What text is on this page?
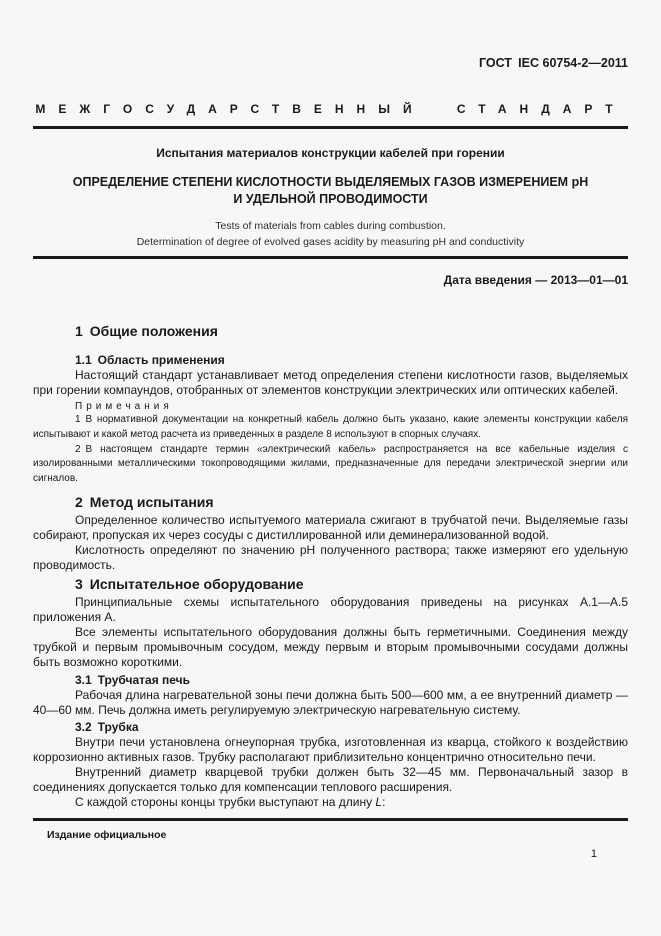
ГОСТ IEC 60754-2—2011
МЕЖГОСУДАРСТВЕННЫЙ СТАНДАРТ
Испытания материалов конструкции кабелей при горении
ОПРЕДЕЛЕНИЕ СТЕПЕНИ КИСЛОТНОСТИ ВЫДЕЛЯЕМЫХ ГАЗОВ ИЗМЕРЕНИЕМ pH
И УДЕЛЬНОЙ ПРОВОДИМОСТИ
Tests of materials from cables during combustion.
Determination of degree of evolved gases acidity by measuring pH and conductivity
Дата введения — 2013—01—01
1 Общие положения
1.1 Область применения

Настоящий стандарт устанавливает метод определения степени кислотности газов, выделяемых при горении компаундов, отобранных от элементов конструкции электрических или оптических кабелей.

Примечания

1 В нормативной документации на конкретный кабель должно быть указано, какие элементы конструкции кабеля испытывают и какой метод расчета из приведенных в разделе 8 используют в спорных случаях.

2 В настоящем стандарте термин «электрический кабель» распространяется на все кабельные изделия с изолированными металлическими токопроводящими жилами, предназначенные для передачи электрической энергии или сигналов.

2 Метод испытания

Определенное количество испытуемого материала сжигают в трубчатой печи. Выделяемые газы собирают, пропуская их через сосуды с дистиллированной или деминерализованной водой.

Кислотность определяют по значению pH полученного раствора; также измеряют его удельную проводимость.

3 Испытательное оборудование

Принципиальные схемы испытательного оборудования приведены на рисунках А.1—А.5 приложения А.

Все элементы испытательного оборудования должны быть герметичными. Соединения между трубкой и первым промывочным сосудом, между первым и вторым промывочными сосудами должны быть возможно короткими.

3.1 Трубчатая печь

Рабочая длина нагревательной зоны печи должна быть 500—600 мм, а ее внутренний диаметр — 40—60 мм. Печь должна иметь регулируемую электрическую нагревательную систему.

3.2 Трубка

Внутри печи установлена огнеупорная трубка, изготовленная из кварца, стойкого к воздействию коррозионно активных газов. Трубку располагают приблизительно концентрично относительно печи.

Внутренний диаметр кварцевой трубки должен быть 32—45 мм. Первоначальный зазор в соединениях допускается только для компенсации теплового расширения.

С каждой стороны концы трубки выступают на длину L:

Издание официальное
1
